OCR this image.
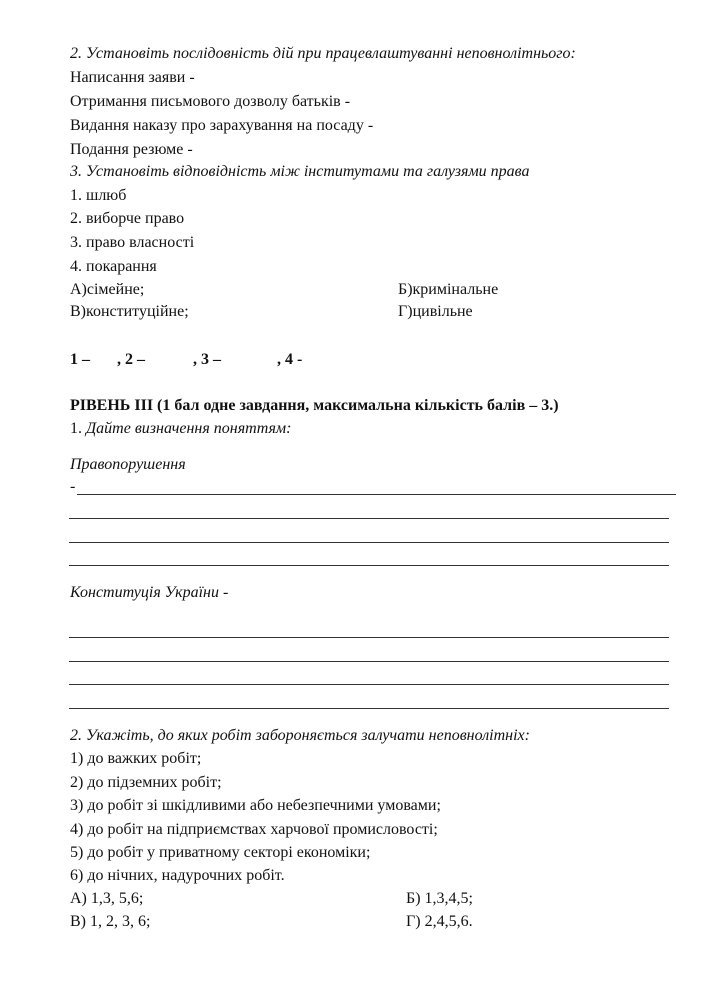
2. Установіть послідовність дій при працевлаштуванні неповнолітнього:
Написання заяви -
Отримання письмового дозволу батьків -
Видання наказу про зарахування на посаду -
Подання резюме -
3. Установіть відповідність між інститутами та галузями права
1. шлюб
2. виборче право
3. право власності
4. покарання
А)сімейне;	Б)кримінальне
В)конституційне;	Г)цивільне
1 – , 2 –	, 3 –	, 4 -
РІВЕНЬ ІІІ (1 бал одне завдання, максимальна кількість балів – 3.)
1. Дайте визначення поняттям:
Правопорушення
-
Конституція України -
2. Укажіть, до яких робіт забороняється залучати неповнолітніх:
1) до важких робіт;
2) до підземних робіт;
3) до робіт зі шкідливими або небезпечними умовами;
4) до робіт на підприємствах харчової промисловості;
5) до робіт у приватному секторі економіки;
6) до нічних, надурочних робіт.
А) 1,3, 5,6;	Б) 1,3,4,5;
В) 1, 2, 3, 6;	Г) 2,4,5,6.
